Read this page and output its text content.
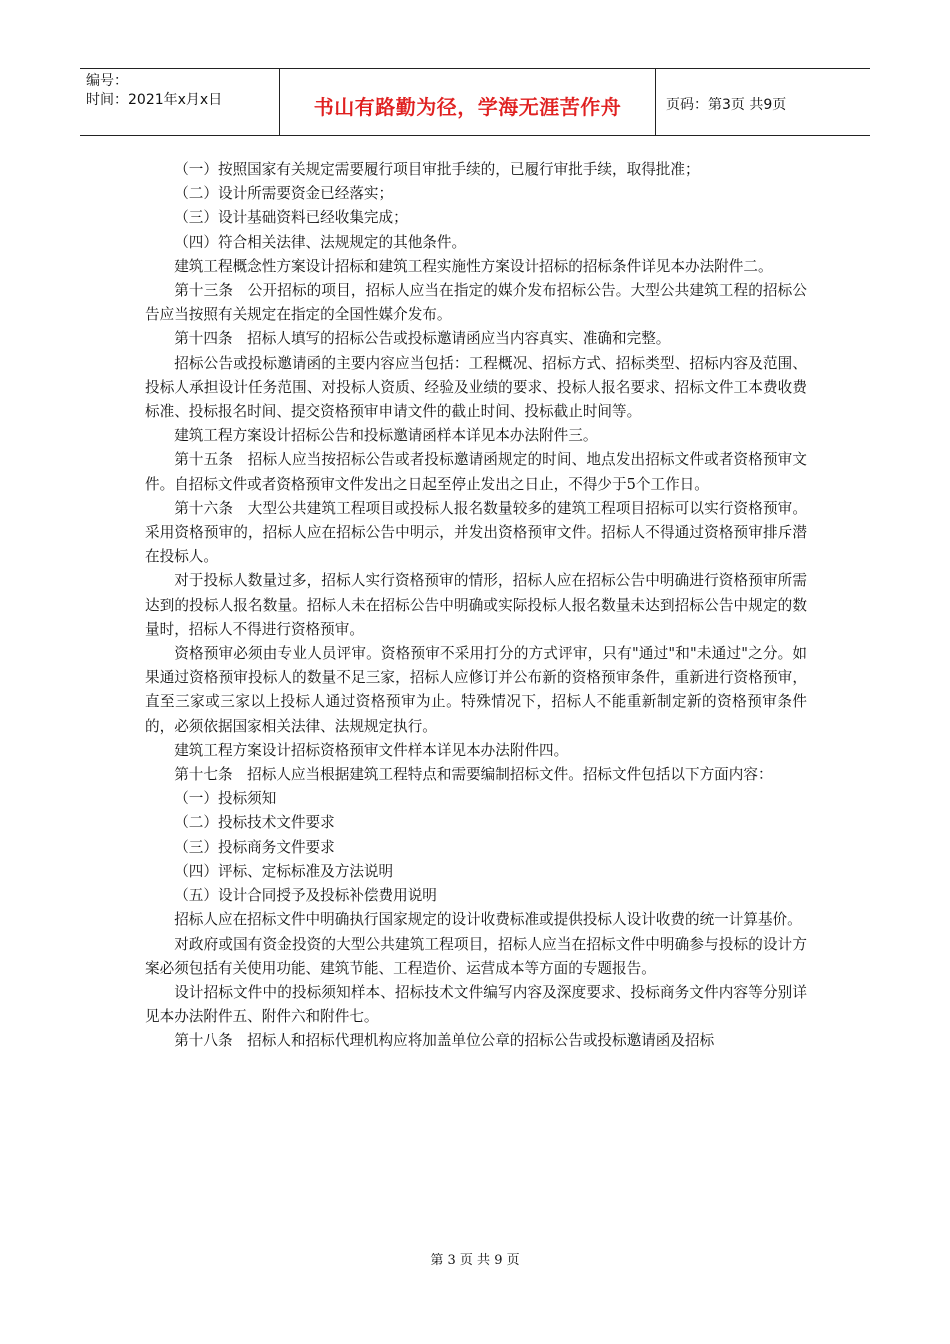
编号：
时间：2021年x月x日	书山有路勤为径，学海无涯苦作舟	页码：第3页 共9页

（一）按照国家有关规定需要履行项目审批手续的，已履行审批手续，取得批准；

（二）设计所需要资金已经落实；

（三）设计基础资料已经收集完成；

（四）符合相关法律、法规规定的其他条件。

建筑工程概念性方案设计招标和建筑工程实施性方案设计招标的招标条件详见本办法附件二。

第十三条　公开招标的项目，招标人应当在指定的媒介发布招标公告。大型公共建筑工程的招标公告应当按照有关规定在指定的全国性媒介发布。

第十四条　招标人填写的招标公告或投标邀请函应当内容真实、准确和完整。

招标公告或投标邀请函的主要内容应当包括：工程概况、招标方式、招标类型、招标内容及范围、投标人承担设计任务范围、对投标人资质、经验及业绩的要求、投标人报名要求、招标文件工本费收费标准、投标报名时间、提交资格预审申请文件的截止时间、投标截止时间等。

建筑工程方案设计招标公告和投标邀请函样本详见本办法附件三。

第十五条　招标人应当按招标公告或者投标邀请函规定的时间、地点发出招标文件或者资格预审文件。自招标文件或者资格预审文件发出之日起至停止发出之日止，不得少于5个工作日。

第十六条　大型公共建筑工程项目或投标人报名数量较多的建筑工程项目招标可以实行资格预审。采用资格预审的，招标人应在招标公告中明示，并发出资格预审文件。招标人不得通过资格预审排斥潜在投标人。

对于投标人数量过多，招标人实行资格预审的情形，招标人应在招标公告中明确进行资格预审所需达到的投标人报名数量。招标人未在招标公告中明确或实际投标人报名数量未达到招标公告中规定的数量时，招标人不得进行资格预审。

资格预审必须由专业人员评审。资格预审不采用打分的方式评审，只有"通过"和"未通过"之分。如果通过资格预审投标人的数量不足三家，招标人应修订并公布新的资格预审条件，重新进行资格预审，直至三家或三家以上投标人通过资格预审为止。特殊情况下，招标人不能重新制定新的资格预审条件的，必须依据国家相关法律、法规规定执行。

建筑工程方案设计招标资格预审文件样本详见本办法附件四。

第十七条　招标人应当根据建筑工程特点和需要编制招标文件。招标文件包括以下方面内容：

（一）投标须知

（二）投标技术文件要求

（三）投标商务文件要求

（四）评标、定标标准及方法说明

（五）设计合同授予及投标补偿费用说明

招标人应在招标文件中明确执行国家规定的设计收费标准或提供投标人设计收费的统一计算基价。

对政府或国有资金投资的大型公共建筑工程项目，招标人应当在招标文件中明确参与投标的设计方案必须包括有关使用功能、建筑节能、工程造价、运营成本等方面的专题报告。

设计招标文件中的投标须知样本、招标技术文件编写内容及深度要求、投标商务文件内容等分别详见本办法附件五、附件六和附件七。

第十八条　招标人和招标代理机构应将加盖单位公章的招标公告或投标邀请函及招标

第 3 页 共 9 页
